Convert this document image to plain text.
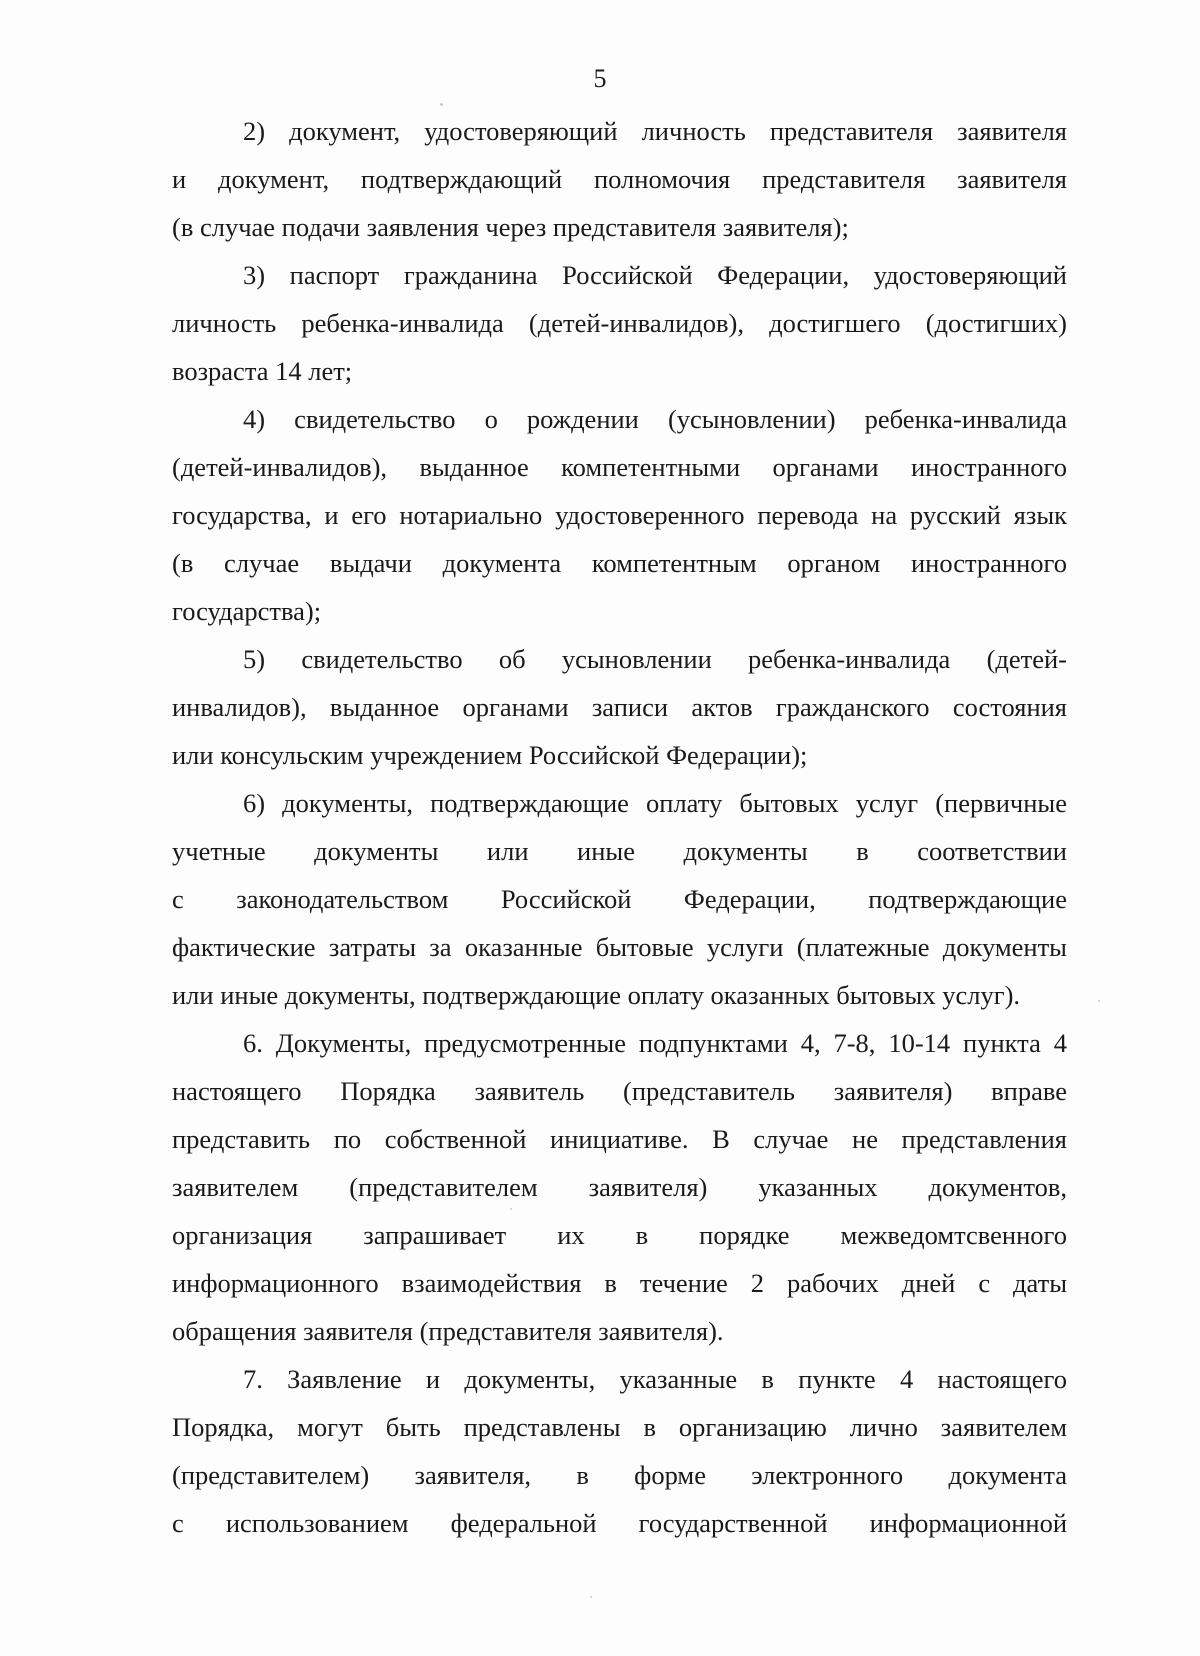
5
2) документ, удостоверяющий личность представителя заявителя
и документ, подтверждающий полномочия представителя заявителя
(в случае подачи заявления через представителя заявителя);
3) паспорт гражданина Российской Федерации, удостоверяющий
личность ребенка-инвалида (детей-инвалидов), достигшего (достигших)
возраста 14 лет;
4) свидетельство о рождении (усыновлении) ребенка-инвалида
(детей-инвалидов), выданное компетентными органами иностранного
государства, и его нотариально удостоверенного перевода на русский язык
(в случае выдачи документа компетентным органом иностранного
государства);
5) свидетельство об усыновлении ребенка-инвалида (детей-
инвалидов), выданное органами записи актов гражданского состояния
или консульским учреждением Российской Федерации);
6) документы, подтверждающие оплату бытовых услуг (первичные
учетные документы или иные документы в соответствии
с законодательством Российской Федерации, подтверждающие
фактические затраты за оказанные бытовые услуги (платежные документы
или иные документы, подтверждающие оплату оказанных бытовых услуг).
6. Документы, предусмотренные подпунктами 4, 7-8, 10-14 пункта 4
настоящего Порядка заявитель (представитель заявителя) вправе
представить по собственной инициативе. В случае не представления
заявителем (представителем заявителя) указанных документов,
организация запрашивает их в порядке межведомтсвенного
информационного взаимодействия в течение 2 рабочих дней с даты
обращения заявителя (представителя заявителя).
7. Заявление и документы, указанные в пункте 4 настоящего
Порядка, могут быть представлены в организацию лично заявителем
(представителем) заявителя, в форме электронного документа
с использованием федеральной государственной информационной
